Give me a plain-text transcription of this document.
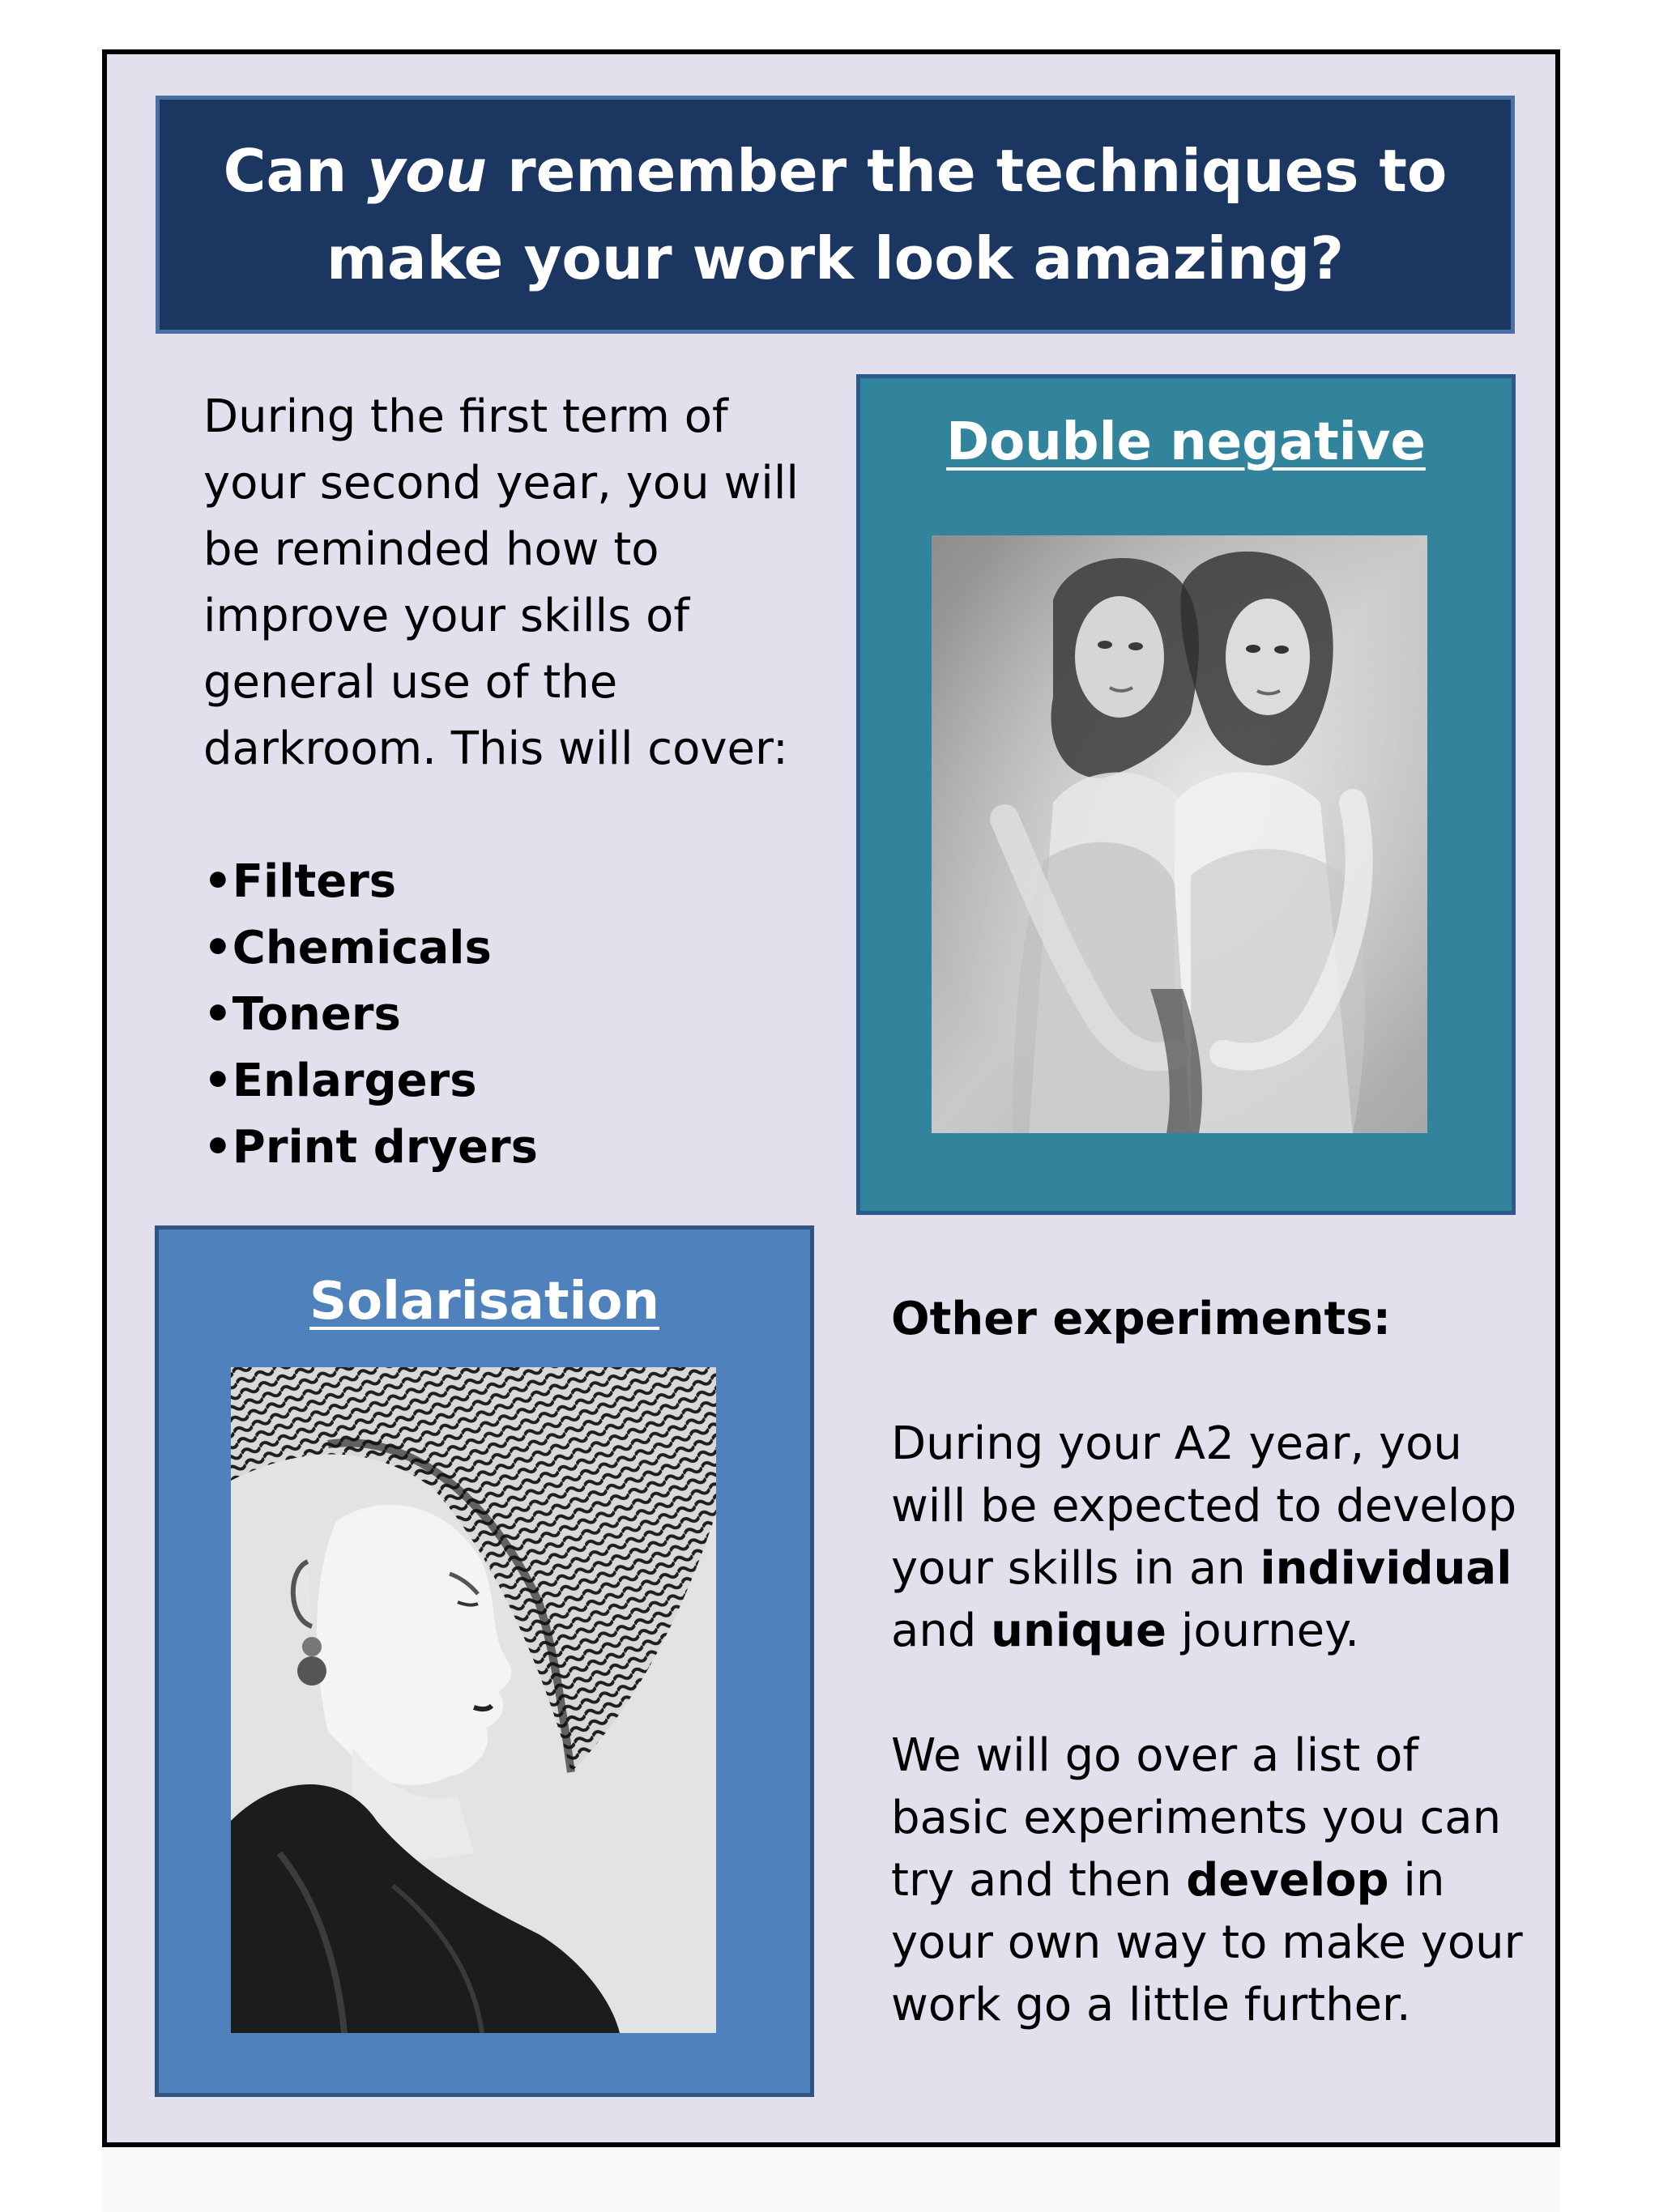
Can you remember the techniques to
make your work look amazing?

During the first term of
your second year, you will
be reminded how to
improve your skills of
general use of the
darkroom. This will cover:

•Filters
•Chemicals
•Toners
•Enlargers
•Print dryers
Double negative
Solarisation	Other experiments:

During your A2 year, you
will be expected to develop
your skills in an individual
and unique journey.

We will go over a list of
basic experiments you can
try and then develop in
your own way to make your
work go a little further.
